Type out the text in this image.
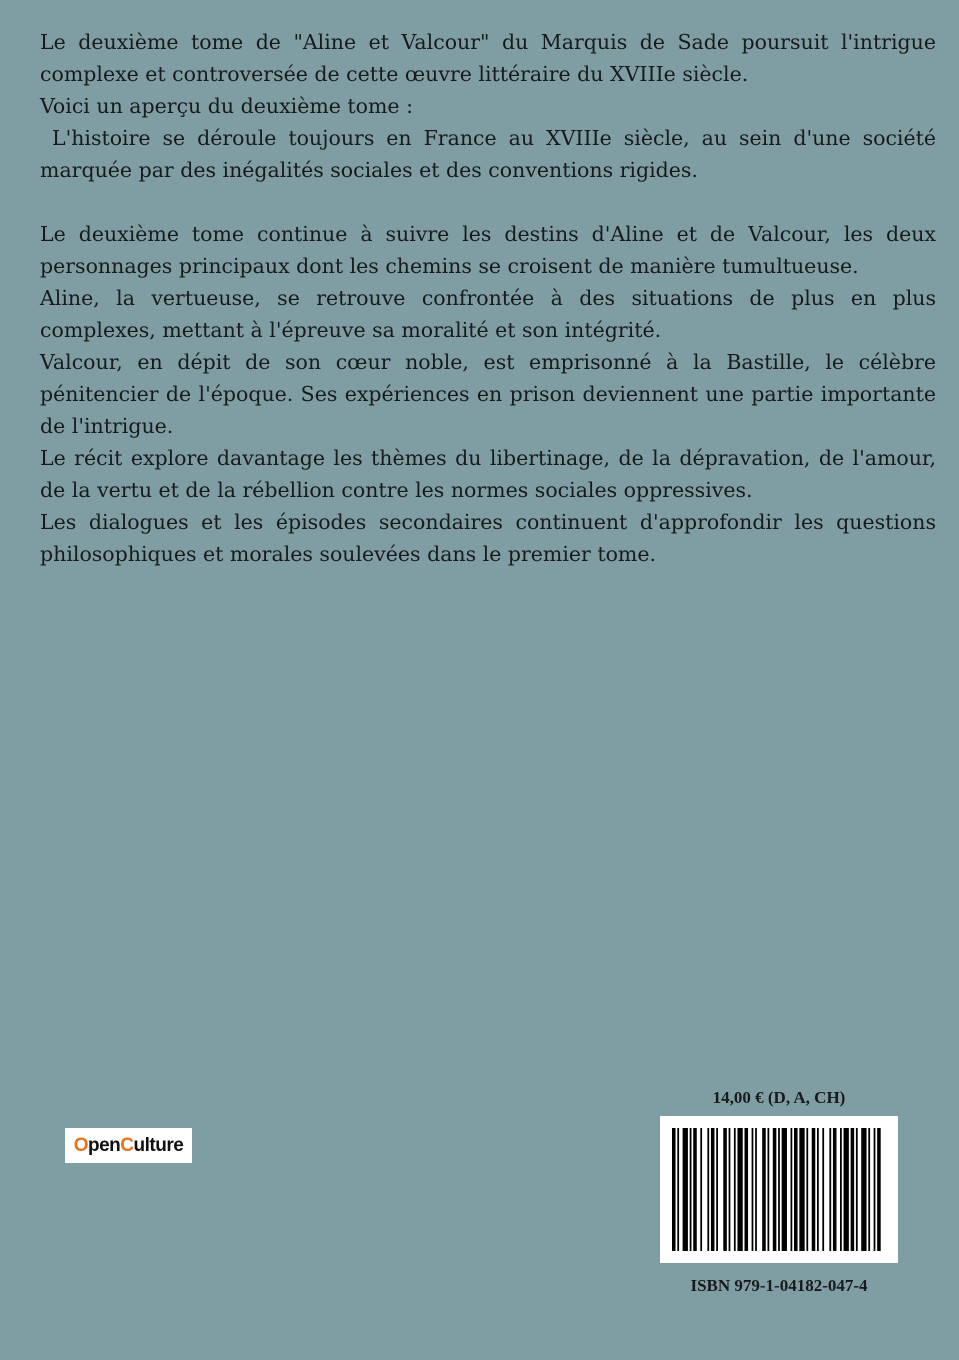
Le deuxième tome de "Aline et Valcour" du Marquis de Sade poursuit l'intrigue complexe et controversée de cette œuvre littéraire du XVIIIe siècle.

Voici un aperçu du deuxième tome :

L'histoire se déroule toujours en France au XVIIIe siècle, au sein d'une société marquée par des inégalités sociales et des conventions rigides.

Le deuxième tome continue à suivre les destins d'Aline et de Valcour, les deux personnages principaux dont les chemins se croisent de manière tumultueuse.

Aline, la vertueuse, se retrouve confrontée à des situations de plus en plus complexes, mettant à l'épreuve sa moralité et son intégrité.

Valcour, en dépit de son cœur noble, est emprisonné à la Bastille, le célèbre pénitencier de l'époque. Ses expériences en prison deviennent une partie importante de l'intrigue.

Le récit explore davantage les thèmes du libertinage, de la dépravation, de l'amour, de la vertu et de la rébellion contre les normes sociales oppressives.

Les dialogues et les épisodes secondaires continuent d'approfondir les questions philosophiques et morales soulevées dans le premier tome.

O pen C ulture
14,00 € (D, A, CH)
ISBN 979-1-04182-047-4
